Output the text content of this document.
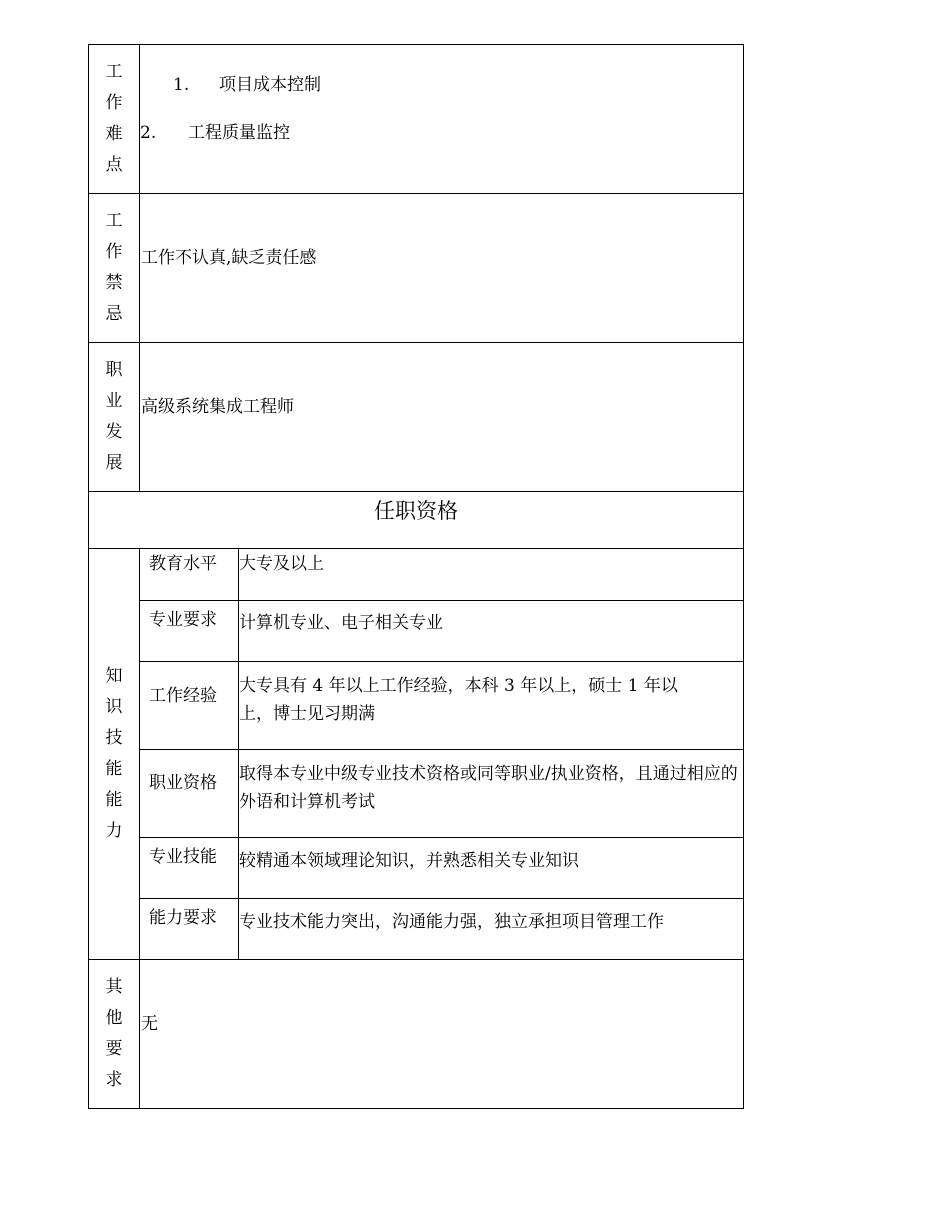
工作难点	1. 项目成本控制
2. 工程质量监控	

工作禁忌	工作不认真,缺乏责任感	

职业发展	高级系统集成工程师	

任职资格		
知识技能能力	教育水平	大专及以上

	专业要求	计算机专业、电子相关专业

	工作经验	大专具有 4 年以上工作经验，本科 3 年以上，硕士 1 年以上，博士见习期满

	职业资格	取得本专业中级专业技术资格或同等职业/执业资格，且通过相应的外语和计算机考试

	专业技能	较精通本领域理论知识，并熟悉相关专业知识

	能力要求	专业技术能力突出，沟通能力强，独立承担项目管理工作

其他要求	无	
